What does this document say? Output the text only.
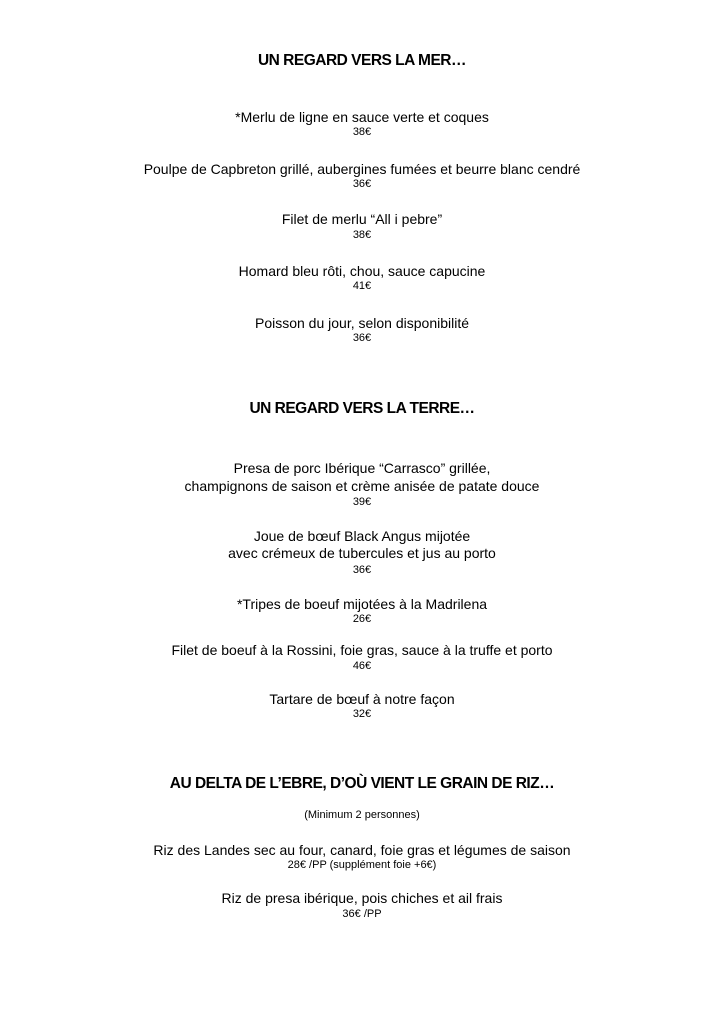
UN REGARD VERS LA MER…
*Merlu de ligne en sauce verte et coques
38€
Poulpe de Capbreton grillé, aubergines fumées et beurre blanc cendré
36€
Filet de merlu “All i pebre”
38€
Homard bleu rôti, chou, sauce capucine
41€
Poisson du jour, selon disponibilité
36€
UN REGARD VERS LA TERRE…
Presa de porc Ibérique “Carrasco” grillée,
champignons de saison et crème anisée de patate douce
39€
Joue de bœuf Black Angus mijotée
avec crémeux de tubercules et jus au porto
36€
*Tripes de boeuf mijotées à la Madrilena
26€
Filet de boeuf à la Rossini, foie gras, sauce à la truffe et porto
46€
Tartare de bœuf à notre façon
32€
AU DELTA DE L’EBRE, D’OÙ VIENT LE GRAIN DE RIZ…
(Minimum 2 personnes)
Riz des Landes sec au four, canard, foie gras et légumes de saison
28€ /PP (supplément foie +6€)
Riz de presa ibérique, pois chiches et ail frais
36€ /PP
